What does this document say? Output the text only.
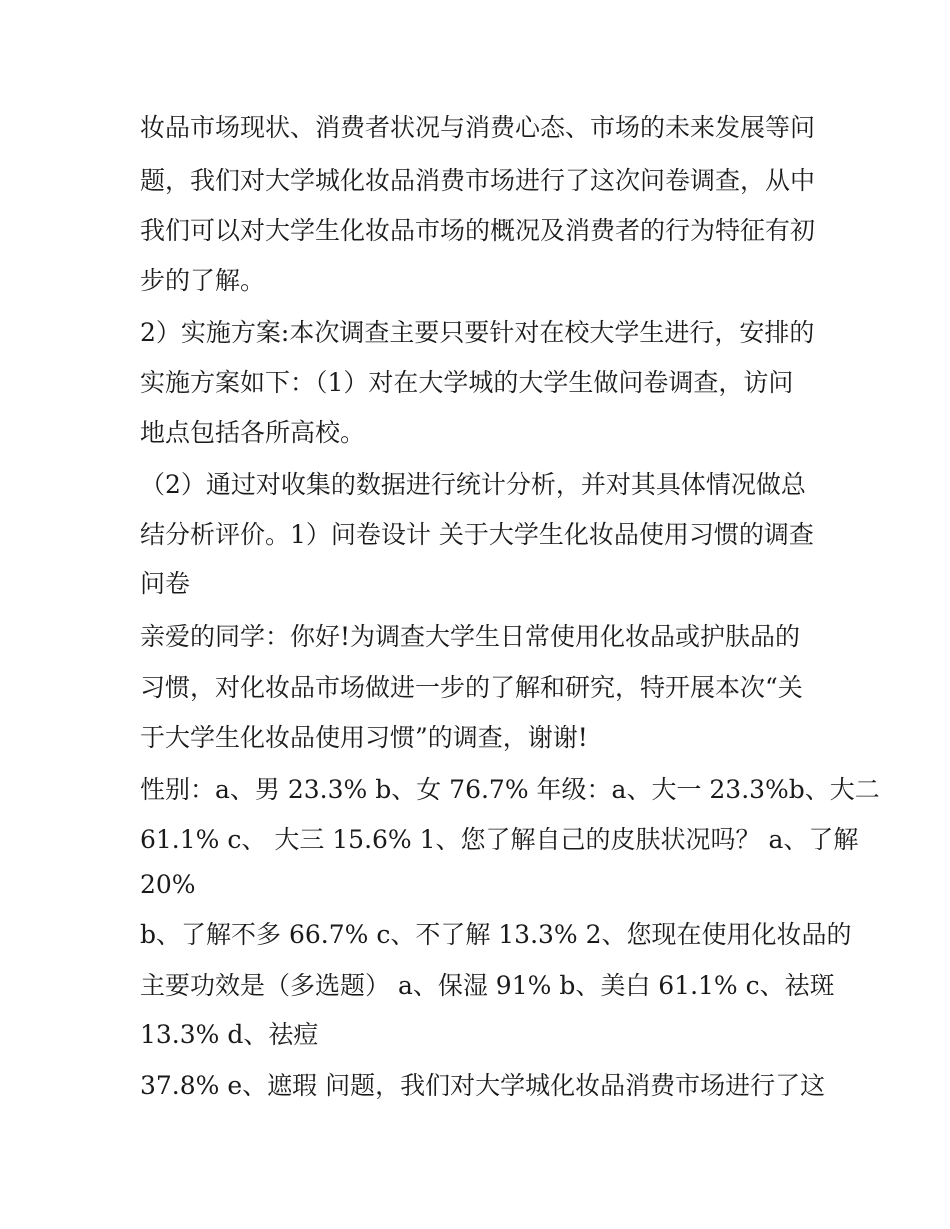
妆品市场现状、消费者状况与消费心态、市场的未来发展等问
题，我们对大学城化妆品消费市场进行了这次问卷调查，从中
我们可以对大学生化妆品市场的概况及消费者的行为特征有初
步的了解。
2）实施方案:本次调查主要只要针对在校大学生进行，安排的
实施方案如下：（1）对在大学城的大学生做问卷调查，访问
地点包括各所高校。
（2）通过对收集的数据进行统计分析，并对其具体情况做总
结分析评价。1）问卷设计 关于大学生化妆品使用习惯的调查
问卷
亲爱的同学：你好!为调查大学生日常使用化妆品或护肤品的
习惯，对化妆品市场做进一步的了解和研究，特开展本次“关
于大学生化妆品使用习惯”的调查，谢谢!
性别：a、男 23.3% b、女 76.7% 年级：a、大一 23.3%b、大二
61.1% c、 大三 15.6% 1、您了解自己的皮肤状况吗？ a、了解
20%
b、了解不多 66.7% c、不了解 13.3% 2、您现在使用化妆品的
主要功效是（多选题） a、保湿 91% b、美白 61.1% c、祛斑
13.3% d、祛痘
37.8% e、遮瑕 问题，我们对大学城化妆品消费市场进行了这
